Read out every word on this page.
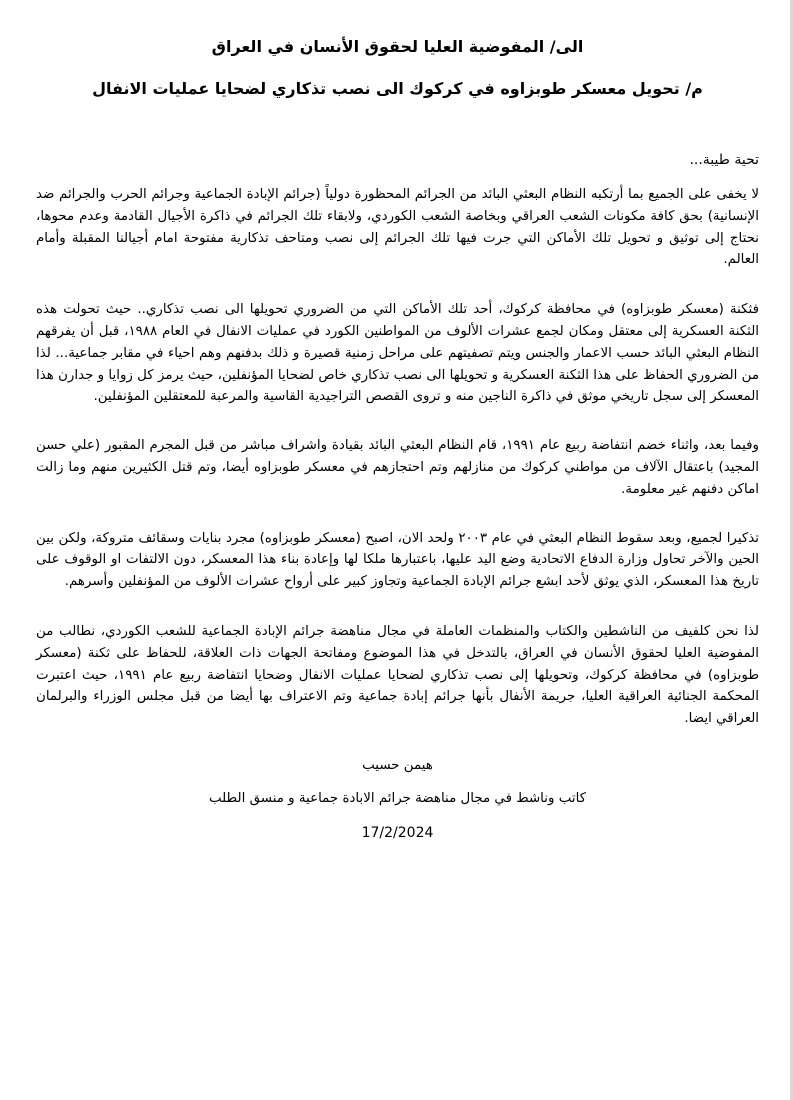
الى/ المفوضية العليا لحقوق الأنسان في العراق

م/ تحويل معسكر طوبزاوه في كركوك الى نصب تذكاري لضحايا عمليات الانفال

تحية طيبة...

لا يخفى على الجميع بما أرتكبه النظام البعثي البائد من الجرائم المحظورة دولياً (جرائم الإبادة الجماعية وجرائم الحرب والجرائم ضد الإنسانية) بحق كافة مكونات الشعب العراقي وبخاصة الشعب الكوردي، ولابقاء تلك الجرائم في ذاكرة الأجيال القادمة وعدم محوها، نحتاج إلى توثيق و تحويل تلك الأماكن التي جرت فيها تلك الجرائم إلى نصب ومتاحف تذكارية مفتوحة امام أجيالنا المقبلة وأمام العالم.

فثكنة (معسكر طوبزاوه) في محافظة كركوك، أحد تلك الأماكن التي من الضروري تحويلها الى نصب تذكاري.. حيث تحولت هذه الثكنة العسكرية إلى معتقل ومكان لجمع عشرات الألوف من المواطنين الكورد في عمليات الانفال في العام ١٩٨٨، قبل أن يفرقهم النظام البعثي البائد حسب الاعمار والجنس ويتم تصفيتهم على مراحل زمنية قصيرة و ذلك بدفنهم وهم احياء في مقابر جماعية... لذا من الضروري الحفاظ على هذا الثكنة العسكرية و تحويلها الى نصب تذكاري خاص لضحايا المؤنفلين، حيث يرمز كل زوايا و جدارن هذا المعسكر إلى سجل تاريخي موثق في ذاكرة الناجين منه و تروى القصص التراجيدية القاسية والمرعبة للمعتقلين المؤنفلين.

وفيما بعد، واثناء خضم انتفاضة ربيع عام ١٩٩١، قام النظام البعثي البائد بقيادة واشراف مباشر من قبل المجرم المقبور (علي حسن المجيد) باعتقال الآلاف من مواطني كركوك من منازلهم وتم احتجازهم في معسكر طوبزاوه أيضا، وتم قتل الكثيرين منهم وما زالت اماكن دفنهم غير معلومة.

تذكيرا لجميع، وبعد سقوط النظام البعثي في عام ٢٠٠٣ ولحد الان، اصبح (معسكر طوبزاوه) مجرد بنايات وسقائف متروكة، ولكن بين الحين والآخر تحاول وزارة الدفاع الاتحادية وضع اليد عليها، باعتبارها ملكا لها وإعادة بناء هذا المعسكر، دون الالتفات او الوقوف على تاريخ هذا المعسكر، الذي يوثق لأحد ابشع جرائم الإبادة الجماعية وتجاوز كبير على أرواح عشرات الألوف من المؤنفلين وأسرهم.

لذا نحن كلفيف من الناشطين والكتاب والمنظمات العاملة في مجال مناهضة جرائم الإبادة الجماعية للشعب الكوردي، نطالب من المفوضية العليا لحقوق الأنسان في العراق، بالتدخل في هذا الموضوع ومفاتحة الجهات ذات العلاقة، للحفاظ على ثكنة (معسكر طوبزاوه) في محافظة كركوك، وتحويلها إلى نصب تذكاري لضحايا عمليات الانفال وضحايا انتفاضة ربيع عام ١٩٩١، حيث اعتبرت المحكمة الجنائية العراقية العليا، جريمة الأنفال بأنها جرائم إبادة جماعية وتم الاعتراف بها أيضا من قبل مجلس الوزراء والبرلمان العراقي ايضا.

هيمن حسيب

كاتب وناشط في مجال مناهضة جرائم الابادة جماعية و منسق الطلب

17/2/2024
